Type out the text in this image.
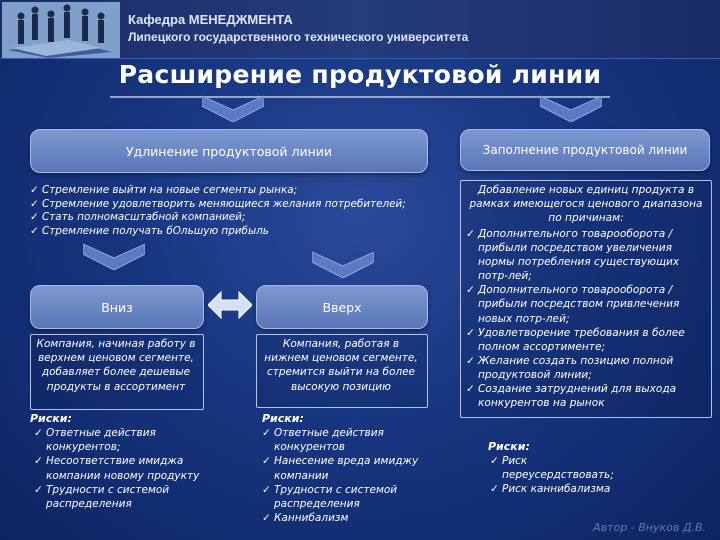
Кафедра МЕНЕДЖМЕНТА
Липецкого государственного технического университета
Расширение продуктовой линии
Удлинение продуктовой линии	Заполнение продуктовой линии
✓ Стремление выйти на новые сегменты рынка;
✓ Стремление удовлетворить меняющиеся желания потребителей;
✓ Стать полномасштабной компанией;
✓ Стремление получать бОльшую прибыль
Добавление новых единиц продукта в рамках имеющегося ценового диапазона по причинам:
✓ Дополнительного товарооборота / прибыли посредством увеличения нормы потребления существующих потр-лей;
✓ Дополнительного товарооборота / прибыли посредством привлечения новых потр-лей;
✓ Удовлетворение требования в более полном ассортименте;
✓ Желание создать позицию полной продуктовой линии;
✓ Создание затруднений для выхода конкурентов на рынок
Вниз	Вверх
Компания, начиная работу в верхнем ценовом сегменте, добавляет более дешевые продукты в ассортимент
Компания, работая в нижнем ценовом сегменте, стремится выйти на более высокую позицию
Риски:
✓ Ответные действия конкурентов;
✓ Несоответствие имиджа компании новому продукту
✓ Трудности с системой распределения
Риски:
✓ Ответные действия конкурентов
✓ Нанесение вреда имиджу компании
✓ Трудности с системой распределения
✓ Каннибализм
Риски:
✓ Риск переусердствовать;
✓ Риск каннибализма
Автор - Внуков Д.В.
